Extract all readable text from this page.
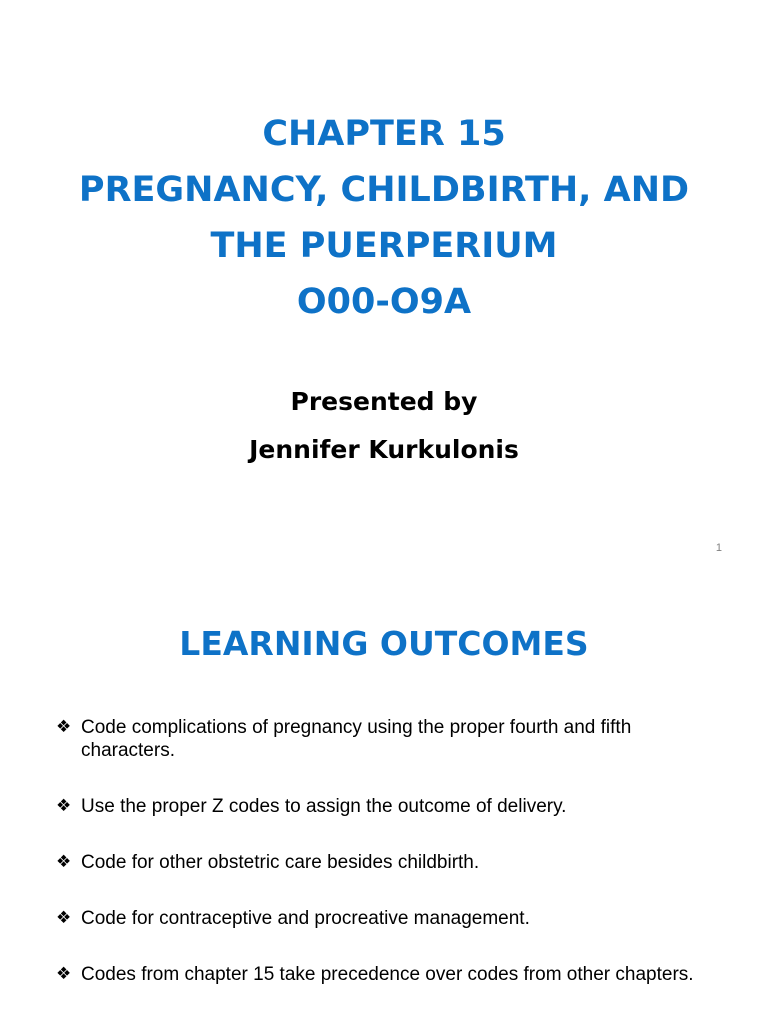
CHAPTER 15
PREGNANCY, CHILDBIRTH, AND
THE PUERPERIUM
O00-O9A
Presented by
Jennifer Kurkulonis
1
LEARNING OUTCOMES
❖ Code complications of pregnancy using the proper fourth and fifth characters.
❖ Use the proper Z codes to assign the outcome of delivery.
❖ Code for other obstetric care besides childbirth.
❖ Code for contraceptive and procreative management.
❖ Codes from chapter 15 take precedence over codes from other chapters.
